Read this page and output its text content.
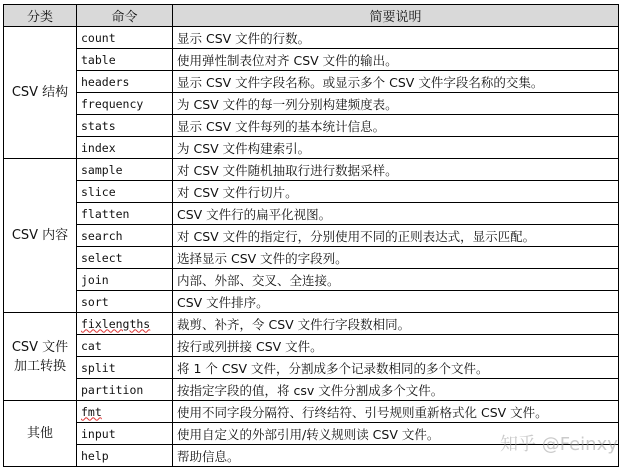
分类	命令	简要说明
CSV 结构	count	显示 CSV 文件的行数。
	table	使用弹性制表位对齐 CSV 文件的输出。
	headers	显示 CSV 文件字段名称。或显示多个 CSV 文件字段名称的交集。
	frequency	为 CSV 文件的每一列分别构建频度表。
	stats	显示 CSV 文件每列的基本统计信息。
	index	为 CSV 文件构建索引。
CSV 内容	sample	对 CSV 文件随机抽取行进行数据采样。
	slice	对 CSV 文件行切片。
	flatten	CSV 文件行的扁平化视图。
	search	对 CSV 文件的指定行，分别使用不同的正则表达式，显示匹配。
	select	选择显示 CSV 文件的字段列。
	join	内部、外部、交叉、全连接。
	sort	CSV 文件排序。
CSV 文件加工转换	fixlengths	裁剪、补齐，令 CSV 文件行字段数相同。
	cat	按行或列拼接 CSV 文件。
	split	将 1 个 CSV 文件，分割成多个记录数相同的多个文件。
	partition	按指定字段的值，将 csv 文件分割成多个文件。
其他	fmt	使用不同字段分隔符、行终结符、引号规则重新格式化 CSV 文件。
	input	使用自定义的外部引用/转义规则读 CSV 文件。
	help	帮助信息。
知乎 @Feinxy
